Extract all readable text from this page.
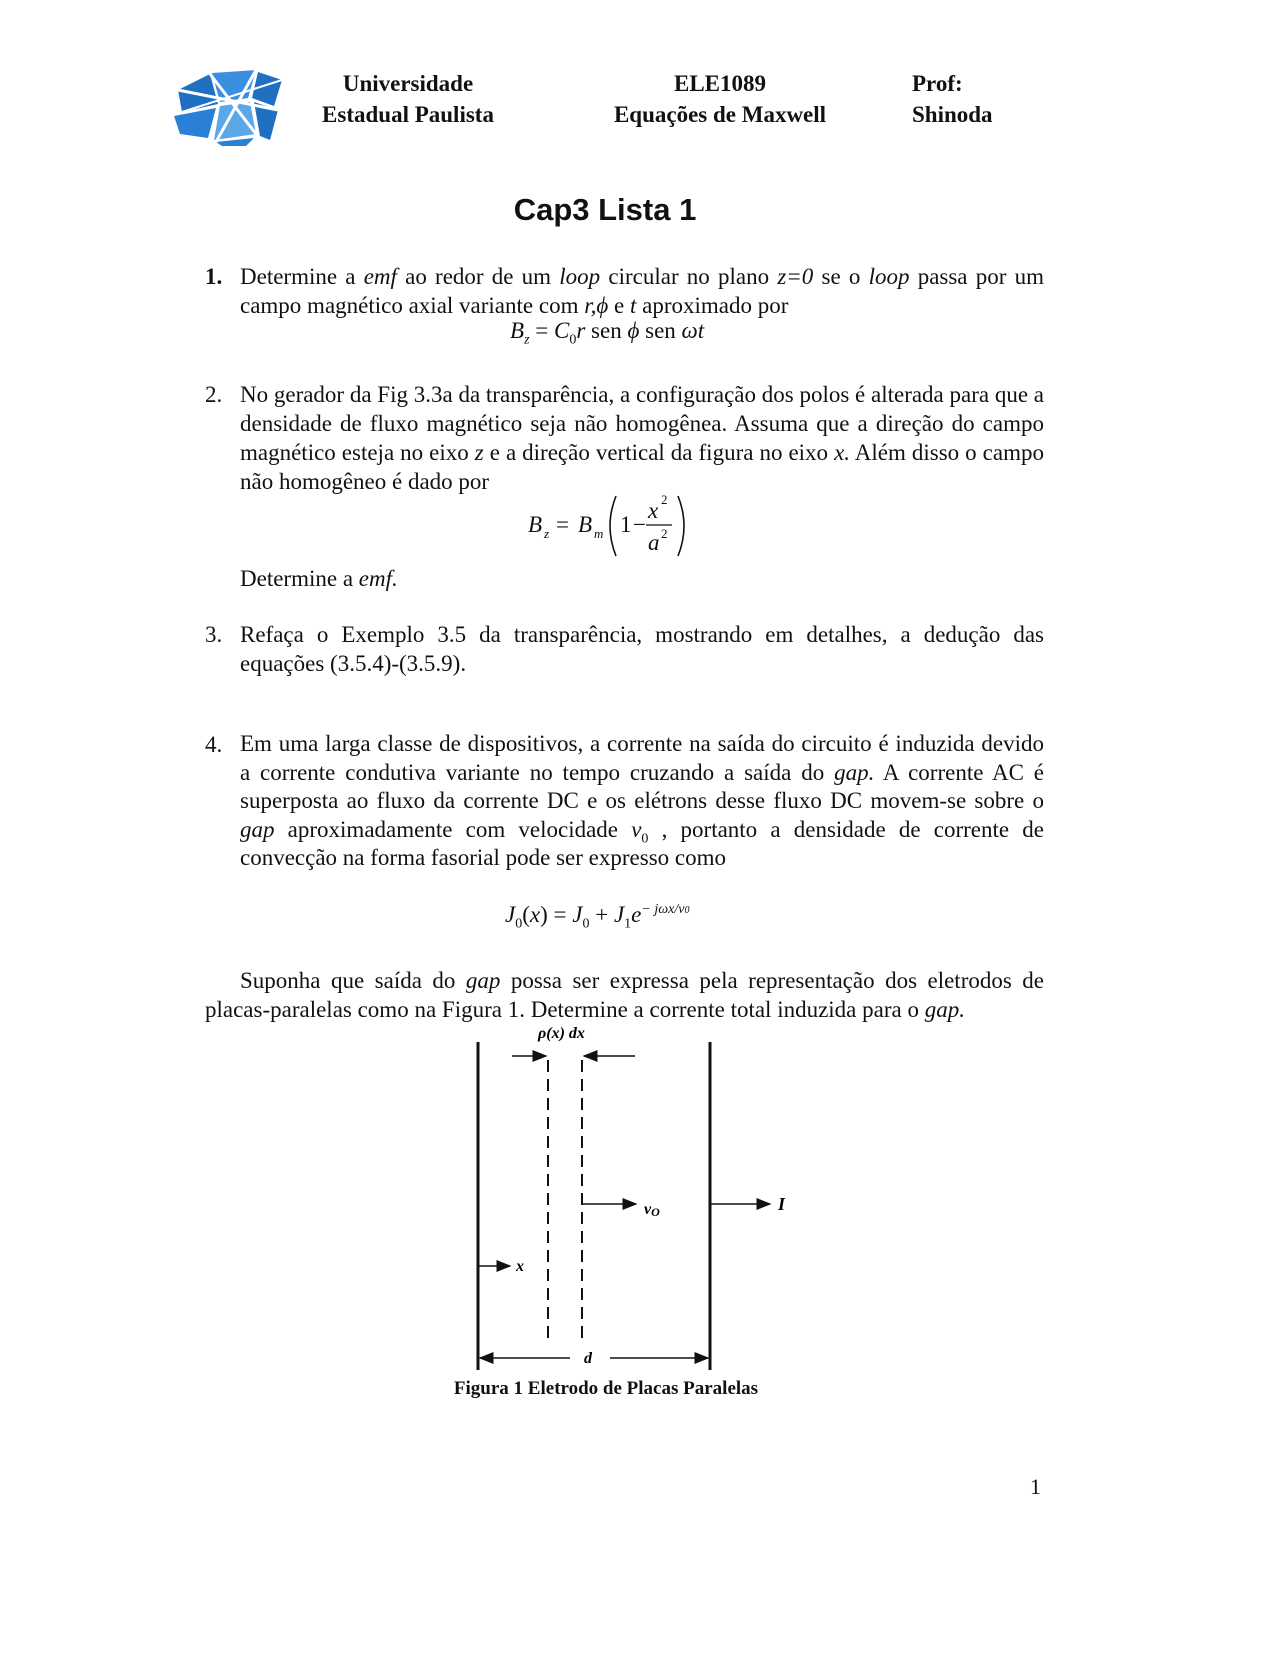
Universidade
Estadual Paulista
ELE1089
Equações de Maxwell
Prof:
Shinoda
Cap3 Lista 1
1. Determine a emf ao redor de um loop circular no plano z=0 se o loop passa por um campo magnético axial variante com r,ϕ e t aproximado por
$B_z = C_0r$ sen ϕ sen ωt
2. No gerador da Fig 3.3a da transparência, a configuração dos polos é alterada para que a densidade de fluxo magnético seja não homogênea. Assuma que a direção do campo magnético esteja no eixo z e a direção vertical da figura no eixo x. Além disso o campo não homogêneo é dado por
B z = B m 1 −
x 2
a 2
Determine a emf.
3. Refaça o Exemplo 3.5 da transparência, mostrando em detalhes, a dedução das equações (3.5.4)-(3.5.9).
4. Em uma larga classe de dispositivos, a corrente na saída do circuito é induzida devido a corrente condutiva variante no tempo cruzando a saída do gap. A corrente AC é superposta ao fluxo da corrente DC e os elétrons desse fluxo DC movem-se sobre o gap aproximadamente com velocidade $v_0$ , portanto a densidade de corrente de convecção na forma fasorial pode ser expresso como
$J_0(x) = J_0 + J_1e^{- j\omega x/v0}$
Suponha que saída do gap possa ser expressa pela representação dos eletrodos de placas-paralelas como na Figura 1. Determine a corrente total induzida para o gap.
ρ(x) dx
vO	I
x
d
Figura 1 Eletrodo de Placas Paralelas
1
